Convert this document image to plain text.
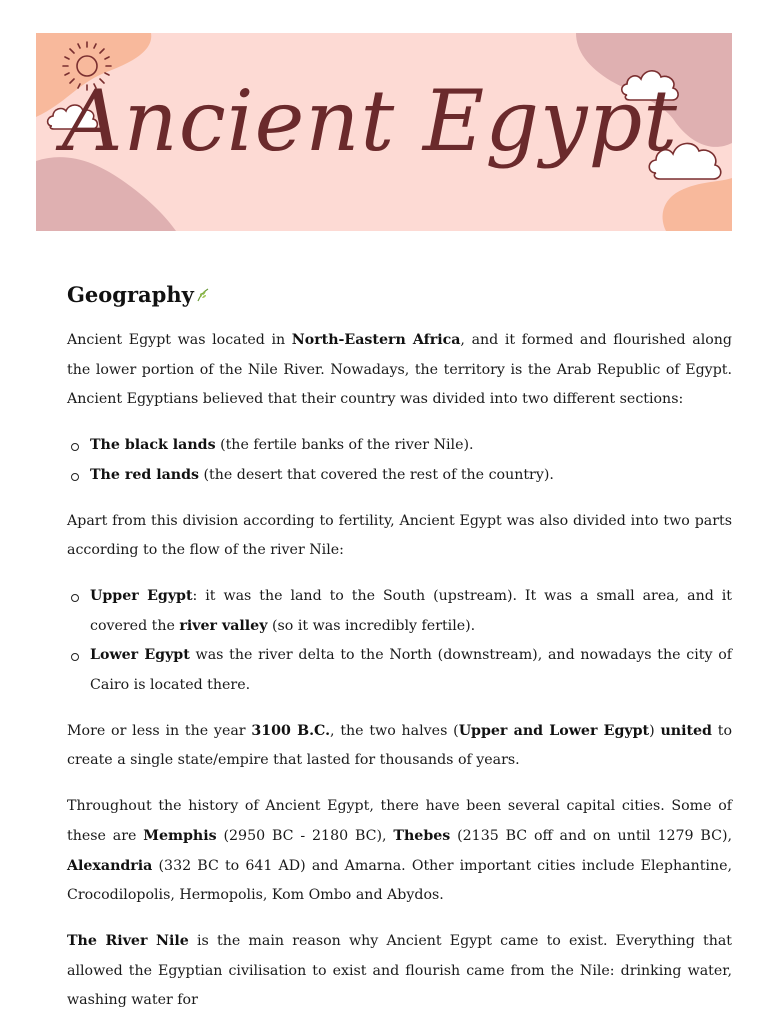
Ancient Egypt
Geography

Ancient Egypt was located in North-Eastern Africa, and it formed and flourished along the lower portion of the Nile River. Nowadays, the territory is the Arab Republic of Egypt. Ancient Egyptians believed that their country was divided into two different sections:

The black lands (the fertile banks of the river Nile).
The red lands (the desert that covered the rest of the country).

Apart from this division according to fertility, Ancient Egypt was also divided into two parts according to the flow of the river Nile:

Upper Egypt: it was the land to the South (upstream). It was a small area, and it covered the river valley (so it was incredibly fertile).
Lower Egypt was the river delta to the North (downstream), and nowadays the city of Cairo is located there.

More or less in the year 3100 B.C., the two halves (Upper and Lower Egypt) united to create a single state/empire that lasted for thousands of years.

Throughout the history of Ancient Egypt, there have been several capital cities. Some of these are Memphis (2950 BC - 2180 BC), Thebes (2135 BC off and on until 1279 BC), Alexandria (332 BC to 641 AD) and Amarna. Other important cities include Elephantine, Crocodilopolis, Hermopolis, Kom Ombo and Abydos.

The River Nile is the main reason why Ancient Egypt came to exist. Everything that allowed the Egyptian civilisation to exist and flourish came from the Nile: drinking water, washing water for
